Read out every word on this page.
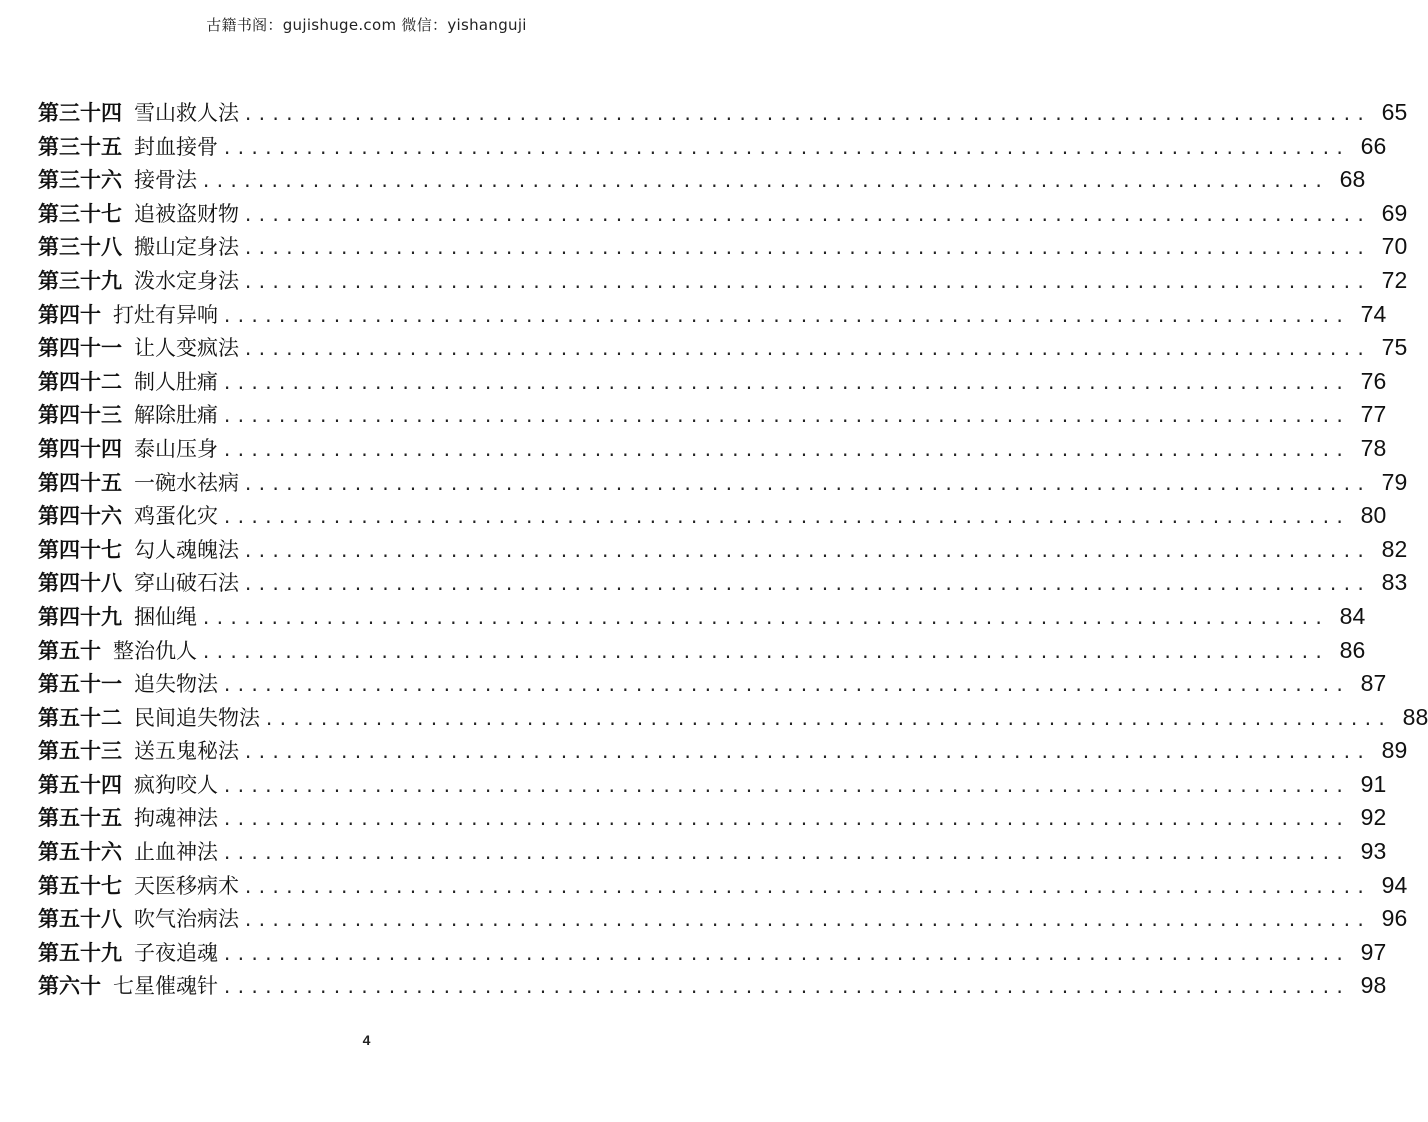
古籍书阁：gujishuge.com 微信：yishanguji
第三十四 雪山救人法 .................................................................................. 65
第三十五 封血接骨 .................................................................................. 66
第三十六 接骨法 .................................................................................. 68
第三十七 追被盗财物 .................................................................................. 69
第三十八 搬山定身法 .................................................................................. 70
第三十九 泼水定身法 .................................................................................. 72
第四十 打灶有异响 .................................................................................. 74
第四十一 让人变疯法 .................................................................................. 75
第四十二 制人肚痛 .................................................................................. 76
第四十三 解除肚痛 .................................................................................. 77
第四十四 泰山压身 .................................................................................. 78
第四十五 一碗水祛病 .................................................................................. 79
第四十六 鸡蛋化灾 .................................................................................. 80
第四十七 勾人魂魄法 .................................................................................. 82
第四十八 穿山破石法 .................................................................................. 83
第四十九 捆仙绳 .................................................................................. 84
第五十 整治仇人 .................................................................................. 86
第五十一 追失物法 .................................................................................. 87
第五十二 民间追失物法 .................................................................................. 88
第五十三 送五鬼秘法 .................................................................................. 89
第五十四 疯狗咬人 .................................................................................. 91
第五十五 拘魂神法 .................................................................................. 92
第五十六 止血神法 .................................................................................. 93
第五十七 天医移病术 .................................................................................. 94
第五十八 吹气治病法 .................................................................................. 96
第五十九 子夜追魂 .................................................................................. 97
第六十 七星催魂针 .................................................................................. 98
4
